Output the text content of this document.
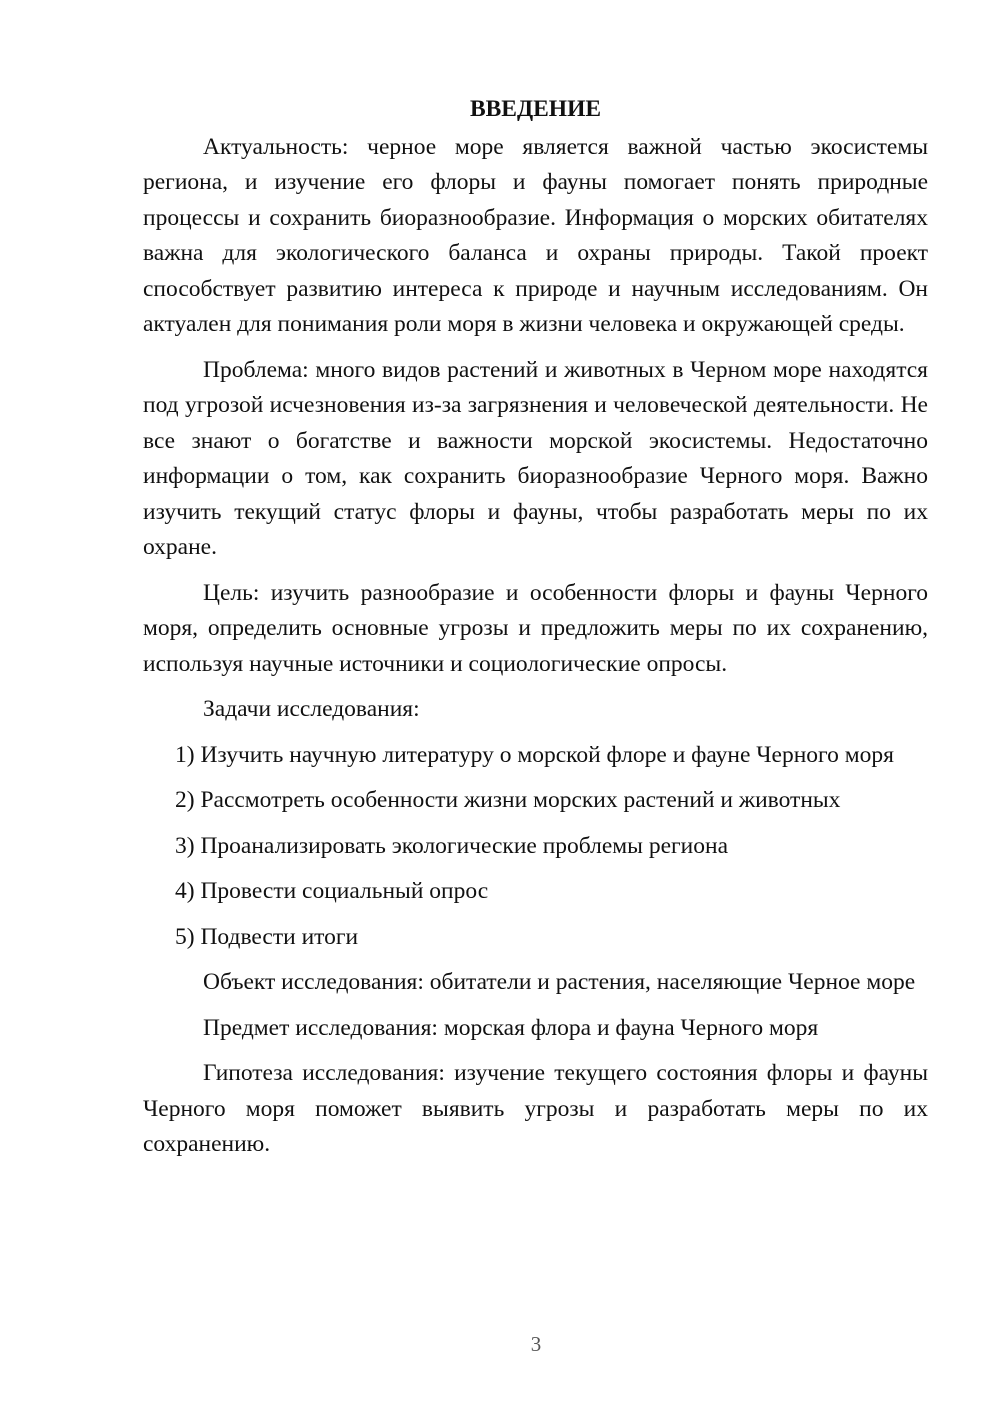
ВВЕДЕНИЕ

Актуальность: черное море является важной частью экосистемы региона, и изучение его флоры и фауны помогает понять природные процессы и сохранить биоразнообразие. Информация о морских обитателях важна для экологического баланса и охраны природы. Такой проект способствует развитию интереса к природе и научным исследованиям. Он актуален для понимания роли моря в жизни человека и окружающей среды.

Проблема: много видов растений и животных в Черном море находятся под угрозой исчезновения из-за загрязнения и человеческой деятельности. Не все знают о богатстве и важности морской экосистемы. Недостаточно информации о том, как сохранить биоразнообразие Черного моря. Важно изучить текущий статус флоры и фауны, чтобы разработать меры по их охране.

Цель: изучить разнообразие и особенности флоры и фауны Черного моря, определить основные угрозы и предложить меры по их сохранению, используя научные источники и социологические опросы.

Задачи исследования:

1) Изучить научную литературу о морской флоре и фауне Черного моря

2) Рассмотреть особенности жизни морских растений и животных

3) Проанализировать экологические проблемы региона

4) Провести социальный опрос

5) Подвести итоги

Объект исследования: обитатели и растения, населяющие Черное море

Предмет исследования: морская флора и фауна Черного моря

Гипотеза исследования: изучение текущего состояния флоры и фауны Черного моря поможет выявить угрозы и разработать меры по их сохранению.

3
